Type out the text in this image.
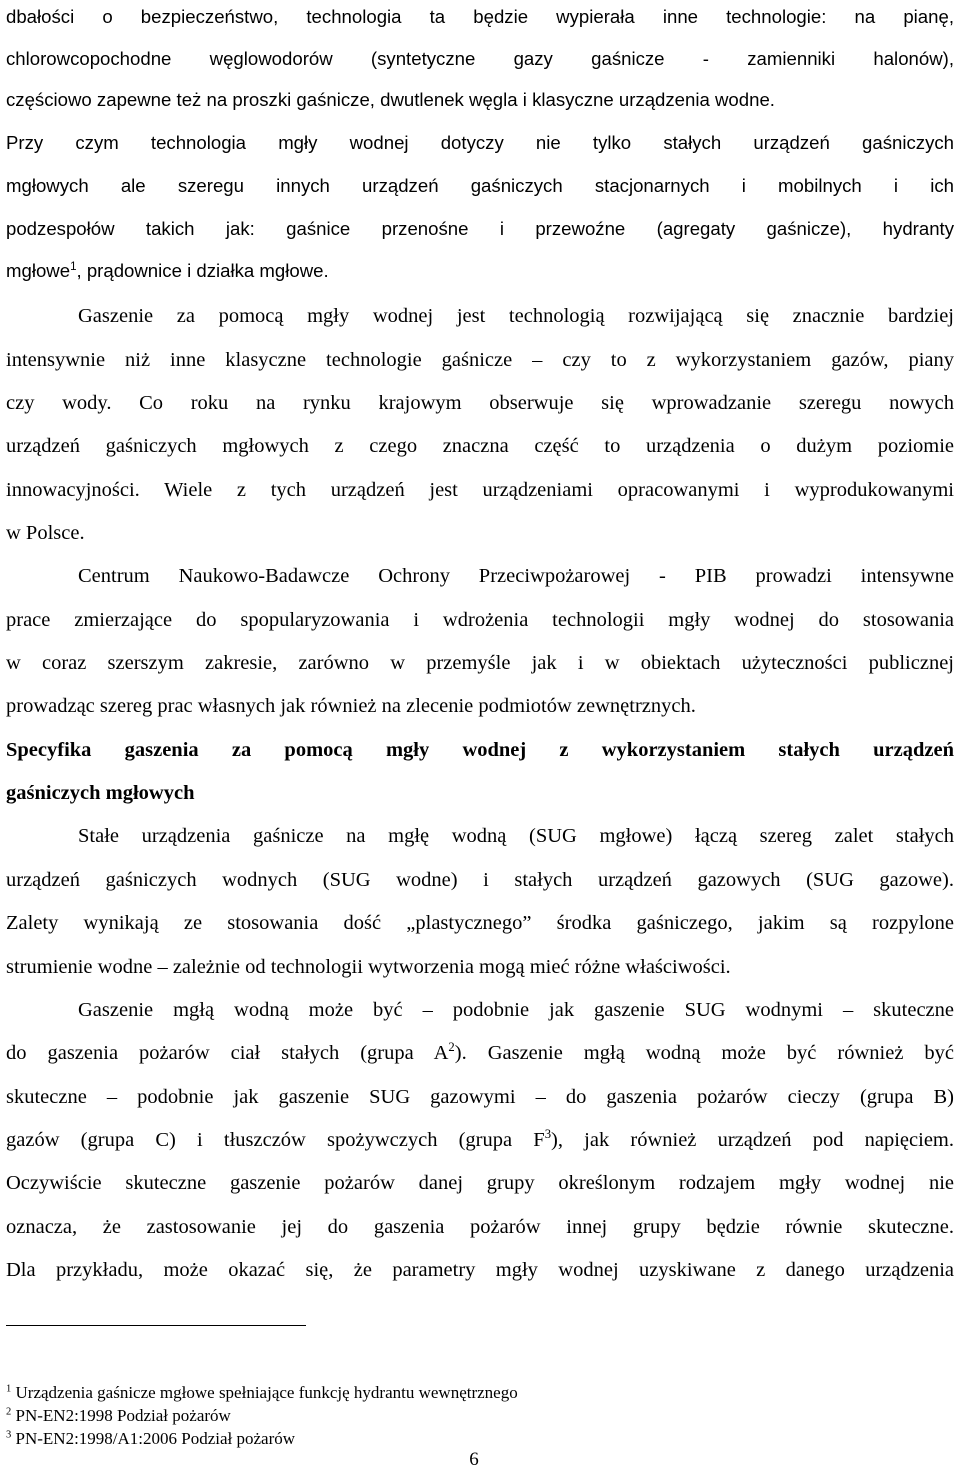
dbałości o bezpieczeństwo, technologia ta będzie wypierała inne technologie: na pianę,
chlorowcopochodne węglowodorów (syntetyczne gazy gaśnicze - zamienniki halonów),
częściowo zapewne też na proszki gaśnicze, dwutlenek węgla i klasyczne urządzenia wodne.
Przy czym technologia mgły wodnej dotyczy nie tylko stałych urządzeń gaśniczych
mgłowych ale szeregu innych urządzeń gaśniczych stacjonarnych i mobilnych i ich
podzespołów takich jak: gaśnice przenośne i przewoźne (agregaty gaśnicze), hydranty
mgłowe$^1$, prądownice i działka mgłowe.
Gaszenie za pomocą mgły wodnej jest technologią rozwijającą się znacznie bardziej
intensywnie niż inne klasyczne technologie gaśnicze – czy to z wykorzystaniem gazów, piany
czy wody. Co roku na rynku krajowym obserwuje się wprowadzanie szeregu nowych
urządzeń gaśniczych mgłowych z czego znaczna część to urządzenia o dużym poziomie
innowacyjności. Wiele z tych urządzeń jest urządzeniami opracowanymi i wyprodukowanymi
w Polsce.
Centrum Naukowo-Badawcze Ochrony Przeciwpożarowej - PIB prowadzi intensywne
prace zmierzające do spopularyzowania i wdrożenia technologii mgły wodnej do stosowania
w coraz szerszym zakresie, zarówno w przemyśle jak i w obiektach użyteczności publicznej
prowadząc szereg prac własnych jak również na zlecenie podmiotów zewnętrznych.
Specyfika gaszenia za pomocą mgły wodnej z wykorzystaniem stałych urządzeń
gaśniczych mgłowych
Stałe urządzenia gaśnicze na mgłę wodną (SUG mgłowe) łączą szereg zalet stałych
urządzeń gaśniczych wodnych (SUG wodne) i stałych urządzeń gazowych (SUG gazowe).
Zalety wynikają ze stosowania dość „plastycznego” środka gaśniczego, jakim są rozpylone
strumienie wodne – zależnie od technologii wytworzenia mogą mieć różne właściwości.
Gaszenie mgłą wodną może być – podobnie jak gaszenie SUG wodnymi – skuteczne
do gaszenia pożarów ciał stałych (grupa $A^2$). Gaszenie mgłą wodną może być również być
skuteczne – podobnie jak gaszenie SUG gazowymi – do gaszenia pożarów cieczy (grupa B)
gazów (grupa C) i tłuszczów spożywczych (grupa $F^3$), jak również urządzeń pod napięciem.
Oczywiście skuteczne gaszenie pożarów danej grupy określonym rodzajem mgły wodnej nie
oznacza, że zastosowanie jej do gaszenia pożarów innej grupy będzie równie skuteczne.
Dla przykładu, może okazać się, że parametry mgły wodnej uzyskiwane z danego urządzenia
$^1$ Urządzenia gaśnicze mgłowe spełniające funkcję hydrantu wewnętrznego
$^2$ PN-EN2:1998 Podział pożarów
$^3$ PN-EN2:1998/A1:2006 Podział pożarów
6
